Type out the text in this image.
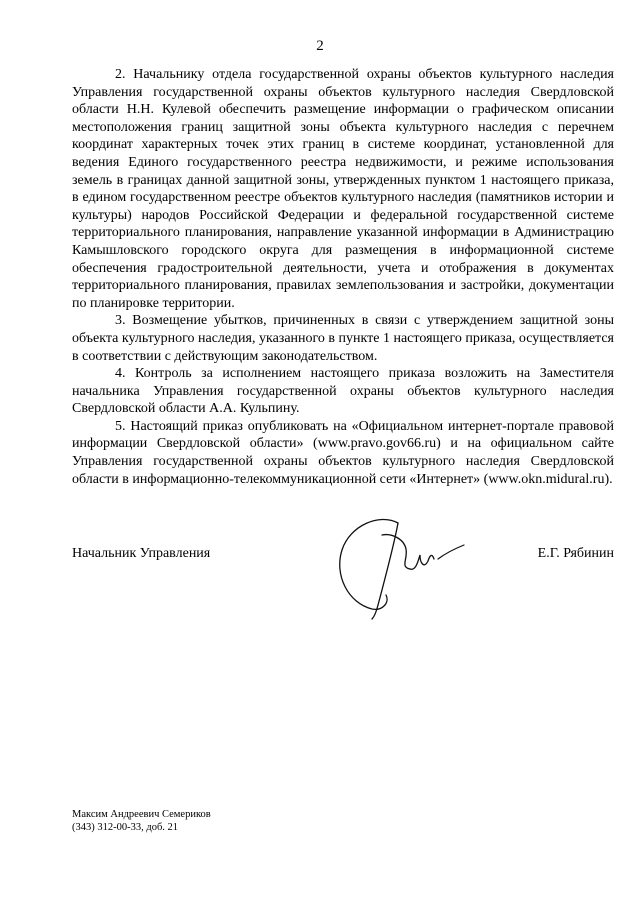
2

2. Начальнику отдела государственной охраны объектов культурного наследия Управления государственной охраны объектов культурного наследия Свердловской области Н.Н. Кулевой обеспечить размещение информации о графическом описании местоположения границ защитной зоны объекта культурного наследия с перечнем координат характерных точек этих границ в системе координат, установленной для ведения Единого государственного реестра недвижимости, и режиме использования земель в границах данной защитной зоны, утвержденных пунктом 1 настоящего приказа, в едином государственном реестре объектов культурного наследия (памятников истории и культуры) народов Российской Федерации и федеральной государственной системе территориального планирования, направление указанной информации в Администрацию Камышловского городского округа для размещения в информационной системе обеспечения градостроительной деятельности, учета и отображения в документах территориального планирования, правилах землепользования и застройки, документации по планировке территории.

3. Возмещение убытков, причиненных в связи с утверждением защитной зоны объекта культурного наследия, указанного в пункте 1 настоящего приказа, осуществляется в соответствии с действующим законодательством.

4. Контроль за исполнением настоящего приказа возложить на Заместителя начальника Управления государственной охраны объектов культурного наследия Свердловской области А.А. Кульпину.

5. Настоящий приказ опубликовать на «Официальном интернет-портале правовой информации Свердловской области» (www.pravo.gov66.ru) и на официальном сайте Управления государственной охраны объектов культурного наследия Свердловской области в информационно-телекоммуникационной сети «Интернет» (www.okn.midural.ru).

Начальник Управления	Е.Г. Рябинин
Максим Андреевич Семериков
(343) 312-00-33, доб. 21
